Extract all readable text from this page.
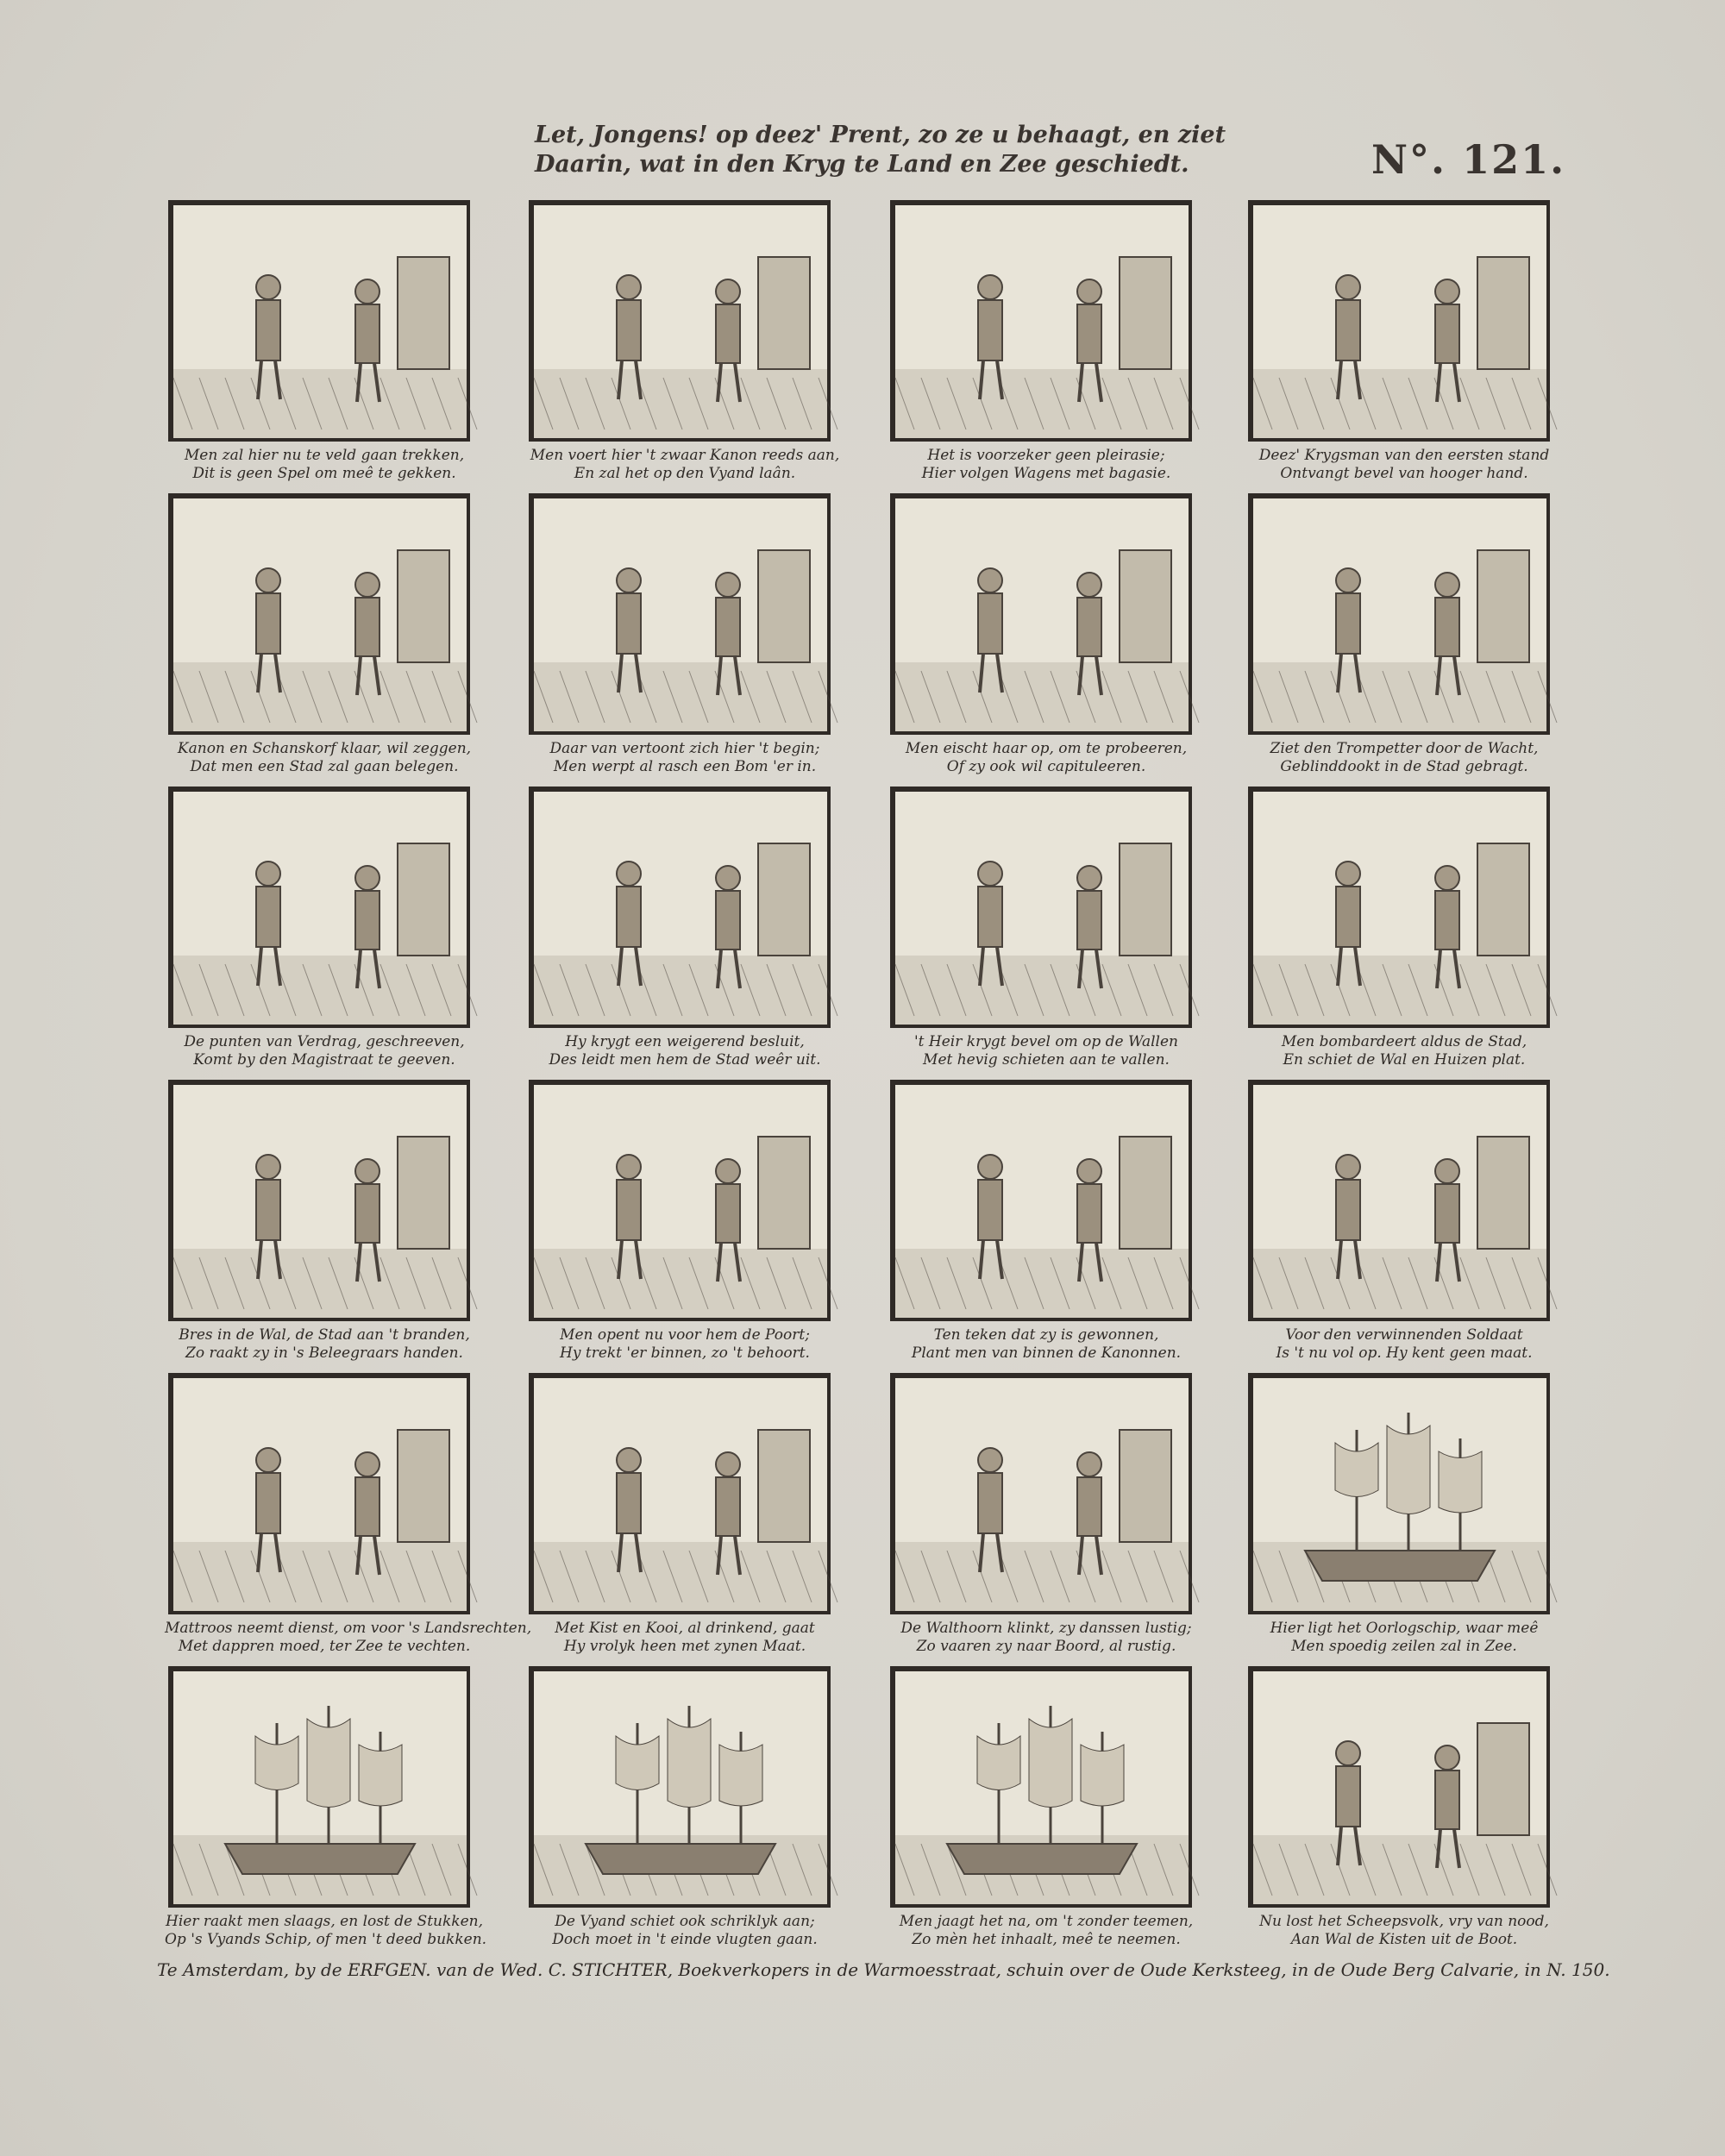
Let, Jongens! op deez' Prent, zo ze u behaagt, en ziet
Daarin, wat in den Kryg te Land en Zee geschiedt.	N°. 121.
Men zal hier nu te veld gaan trekken,
Dit is geen Spel om meê te gekken.
Men voert hier 't zwaar Kanon reeds aan,
En zal het op den Vyand laân.
Het is voorzeker geen pleirasie;
Hier volgen Wagens met bagasie.
Deez' Krygsman van den eersten stand
Ontvangt bevel van hooger hand.
Kanon en Schanskorf klaar, wil zeggen,
Dat men een Stad zal gaan belegen.
Daar van vertoont zich hier 't begin;
Men werpt al rasch een Bom 'er in.
Men eischt haar op, om te probeeren,
Of zy ook wil capituleeren.
Ziet den Trompetter door de Wacht,
Geblinddookt in de Stad gebragt.
De punten van Verdrag, geschreeven,
Komt by den Magistraat te geeven.
Hy krygt een weigerend besluit,
Des leidt men hem de Stad weêr uit.
't Heir krygt bevel om op de Wallen
Met hevig schieten aan te vallen.
Men bombardeert aldus de Stad,
En schiet de Wal en Huizen plat.
Bres in de Wal, de Stad aan 't branden,
Zo raakt zy in 's Beleegraars handen.
Men opent nu voor hem de Poort;
Hy trekt 'er binnen, zo 't behoort.
Ten teken dat zy is gewonnen,
Plant men van binnen de Kanonnen.
Voor den verwinnenden Soldaat
Is 't nu vol op. Hy kent geen maat.
Mattroos neemt dienst, om voor 's Landsrechten,
Met dappren moed, ter Zee te vechten.
Met Kist en Kooi, al drinkend, gaat
Hy vrolyk heen met zynen Maat.
De Walthoorn klinkt, zy danssen lustig;
Zo vaaren zy naar Boord, al rustig.
Hier ligt het Oorlogschip, waar meê
Men spoedig zeilen zal in Zee.
Hier raakt men slaags, en lost de Stukken,
Op 's Vyands Schip, of men 't deed bukken.
De Vyand schiet ook schriklyk aan;
Doch moet in 't einde vlugten gaan.
Men jaagt het na, om 't zonder teemen,
Zo mèn het inhaalt, meê te neemen.
Nu lost het Scheepsvolk, vry van nood,
Aan Wal de Kisten uit de Boot.
Te Amsterdam, by de ERFGEN. van de Wed. C. STICHTER, Boekverkopers in de Warmoesstraat, schuin over de Oude Kerksteeg, in de Oude Berg Calvarie, in N. 150.
